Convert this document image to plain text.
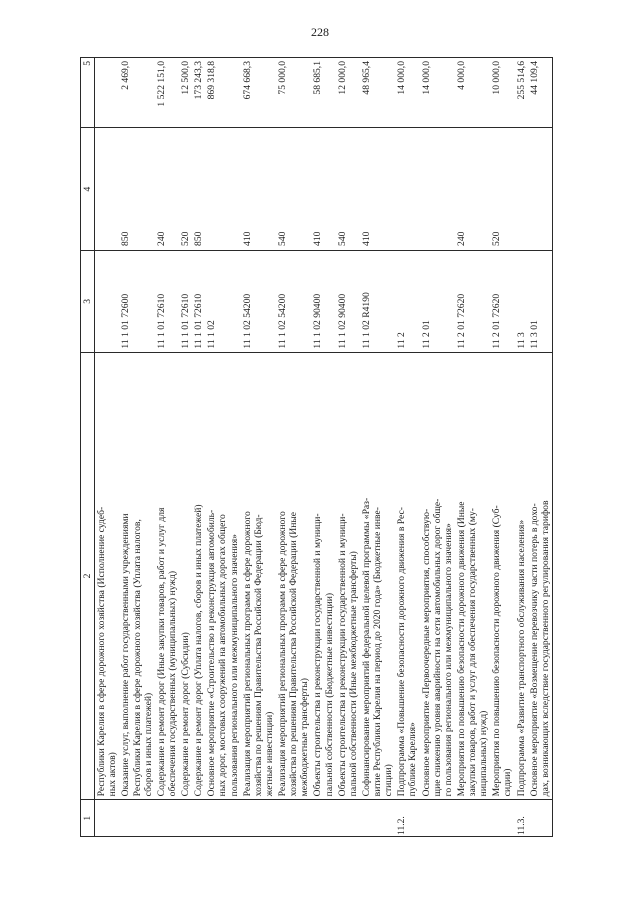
228
1	2	3	4	5

	Республики Карелия в сфере дорожного хозяйства (Исполнение судеб- ных актов)			

	Оказание услуг, выполнение работ государственными учреждениями Республики Карелия в сфере дорожного хозяйства (Уплата налогов, сборов и иных платежей)	11 1 01 72600	850	2 469,0

	Содержание и ремонт дорог (Иные закупки товаров, работ и услуг для обеспечения государственных (муниципальных) нужд)	11 1 01 72610	240	1 522 151,0

	Содержание и ремонт дорог (Субсидии)	11 1 01 72610	520	12 500,0

	Содержание и ремонт дорог (Уплата налогов, сборов и иных платежей)	11 1 01 72610	850	173 243,3

	Основное мероприятие «Строительство и реконструкция автомобиль- ных дорог, мостовых сооружений на автомобильных дорогах общего пользования регионального или межмуниципального значения»	11 1 02		869 318,8

	Реализация мероприятий региональных программ в сфере дорожного хозяйства по решениям Правительства Российской Федерации (Бюд- жетные инвестиции)	11 1 02 54200	410	674 668,3

	Реализация мероприятий региональных программ в сфере дорожного хозяйства по решениям Правительства Российской Федерации (Иные межбюджетные трансферты)	11 1 02 54200	540	75 000,0

	Объекты строительства и реконструкции государственной и муници- пальной собственности (Бюджетные инвестиции)	11 1 02 90400	410	58 685,1

	Объекты строительства и реконструкции государственной и муници- пальной собственности (Иные межбюджетные трансферты)	11 1 02 90400	540	12 000,0

	Софинансирование мероприятий федеральной целевой программы «Раз- витие Республики Карелия на период до 2020 года» (Бюджетные инве- стиции)	11 1 02 R4190	410	48 965,4
11.2.	Подпрограмма «Повышение безопасности дорожного движения в Рес- публике Карелия»	11 2		14 000,0

	Основное мероприятие «Первоочередные мероприятия, способствую- щие снижению уровня аварийности на сети автомобильных дорог обще- го пользования регионального или межмуниципального значения»	11 2 01		14 000,0

	Мероприятия по повышению безопасности дорожного движения (Иные закупки товаров, работ и услуг для обеспечения государственных (му- ниципальных) нужд)	11 2 01 72620	240	4 000,0

	Мероприятия по повышению безопасности дорожного движения (Суб- сидии)	11 2 01 72620	520	10 000,0
11.3.	Подпрограмма «Развитие транспортного обслуживания населения»	11 3		255 514,6

	Основное мероприятие «Возмещение перевозчику части потерь в дохо- дах, возникающих вследствие государственного регулирования тарифов	11 3 01		44 109,4
